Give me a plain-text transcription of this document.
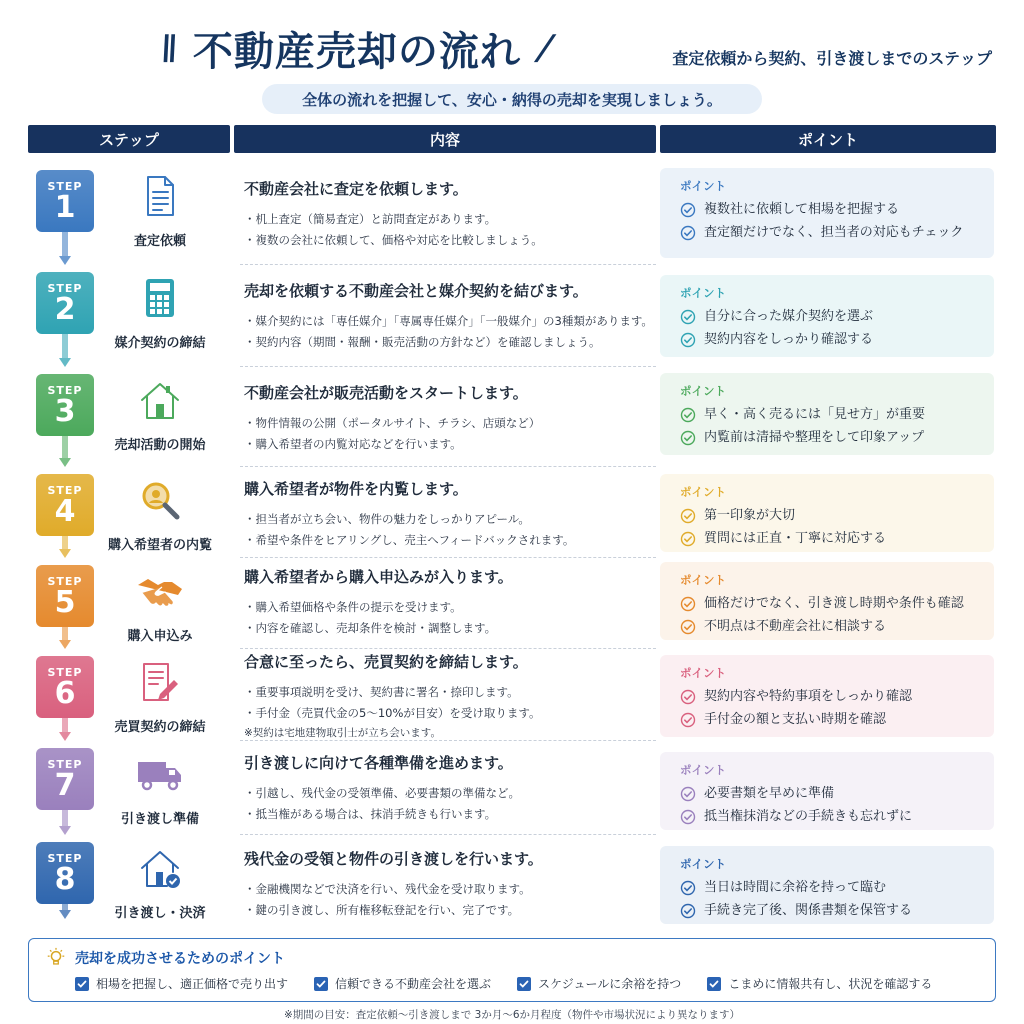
\\ 不動産売却の流れ /	査定依頼から契約、引き渡しまでのステップ
全体の流れを把握して、安心・納得の売却を実現しましょう。
ステップ	内容	ポイント
STEP
1
査定依頼
不動産会社に査定を依頼します。
・机上査定（簡易査定）と訪問査定があります。
・複数の会社に依頼して、価格や対応を比較しましょう。
ポイント
複数社に依頼して相場を把握する
査定額だけでなく、担当者の対応もチェック
STEP
2
媒介契約の締結
売却を依頼する不動産会社と媒介契約を結びます。
・媒介契約には「専任媒介」「専属専任媒介」「一般媒介」の3種類があります。
・契約内容（期間・報酬・販売活動の方針など）を確認しましょう。
ポイント
自分に合った媒介契約を選ぶ
契約内容をしっかり確認する
STEP
3
売却活動の開始
不動産会社が販売活動をスタートします。
・物件情報の公開（ポータルサイト、チラシ、店頭など）
・購入希望者の内覧対応などを行います。
ポイント
早く・高く売るには「見せ方」が重要
内覧前は清掃や整理をして印象アップ
STEP
4
購入希望者の内覧
購入希望者が物件を内覧します。
・担当者が立ち会い、物件の魅力をしっかりアピール。
・希望や条件をヒアリングし、売主へフィードバックされます。
ポイント
第一印象が大切
質問には正直・丁寧に対応する
STEP
5
購入申込み
購入希望者から購入申込みが入ります。
・購入希望価格や条件の提示を受けます。
・内容を確認し、売却条件を検討・調整します。
ポイント
価格だけでなく、引き渡し時期や条件も確認
不明点は不動産会社に相談する
STEP
6
売買契約の締結
合意に至ったら、売買契約を締結します。
・重要事項説明を受け、契約書に署名・捺印します。
・手付金（売買代金の5〜10%が目安）を受け取ります。
※契約は宅地建物取引士が立ち会います。
ポイント
契約内容や特約事項をしっかり確認
手付金の額と支払い時期を確認
STEP
7
引き渡し準備
引き渡しに向けて各種準備を進めます。
・引越し、残代金の受領準備、必要書類の準備など。
・抵当権がある場合は、抹消手続きも行います。
ポイント
必要書類を早めに準備
抵当権抹消などの手続きも忘れずに
STEP
8
引き渡し・決済
残代金の受領と物件の引き渡しを行います。
・金融機関などで決済を行い、残代金を受け取ります。
・鍵の引き渡し、所有権移転登記を行い、完了です。
ポイント
当日は時間に余裕を持って臨む
手続き完了後、関係書類を保管する
売却を成功させるためのポイント
相場を把握し、適正価格で売り出す	信頼できる不動産会社を選ぶ	スケジュールに余裕を持つ	こまめに情報共有し、状況を確認する
※期間の目安：査定依頼〜引き渡しまで 3か月〜6か月程度（物件や市場状況により異なります）
